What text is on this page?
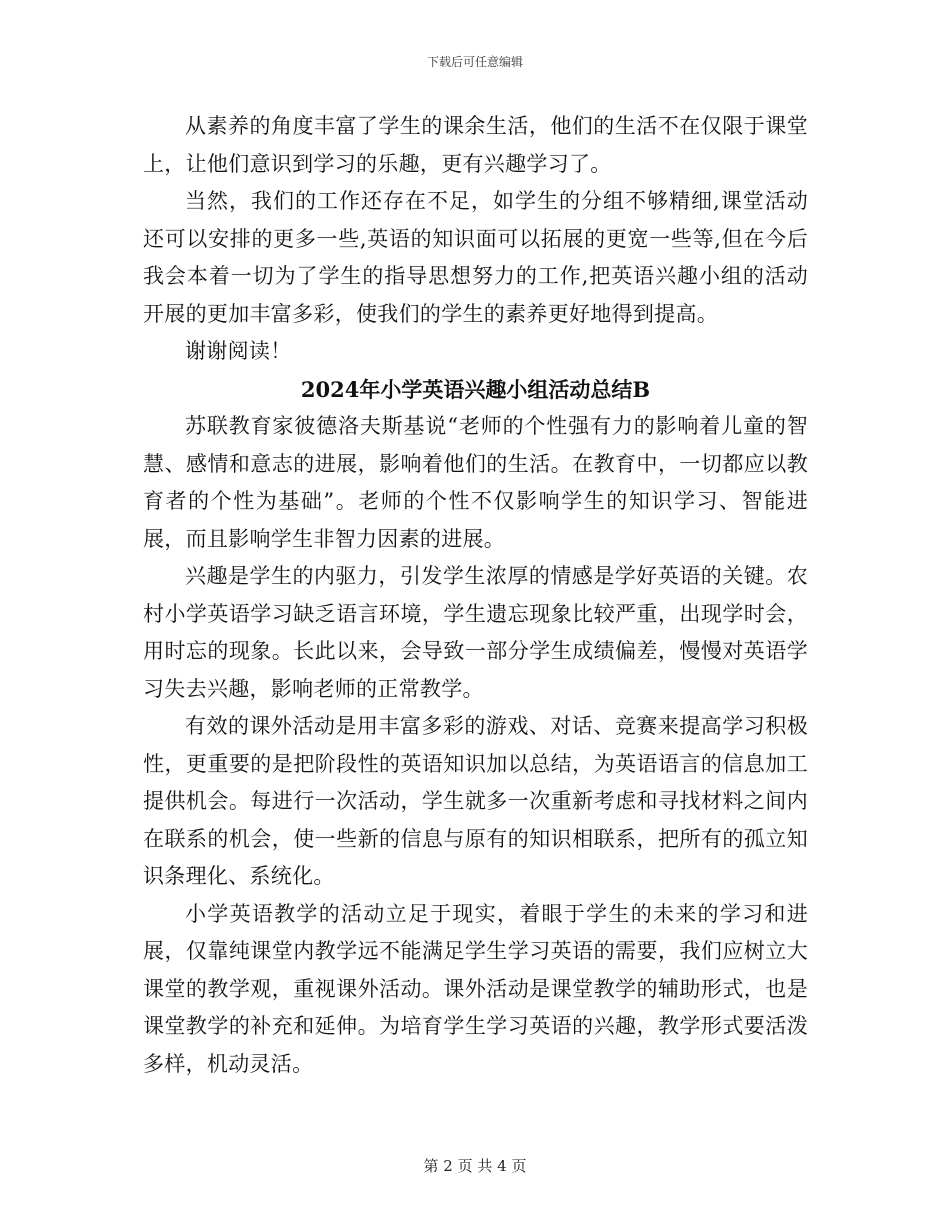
下载后可任意编辑

从素养的角度丰富了学生的课余生活，他们的生活不在仅限于课堂上，让他们意识到学习的乐趣，更有兴趣学习了。

当然，我们的工作还存在不足，如学生的分组不够精细,课堂活动还可以安排的更多一些,英语的知识面可以拓展的更宽一些等,但在今后我会本着一切为了学生的指导思想努力的工作,把英语兴趣小组的活动开展的更加丰富多彩，使我们的学生的素养更好地得到提高。

谢谢阅读！

2024年小学英语兴趣小组活动总结B

苏联教育家彼德洛夫斯基说“老师的个性强有力的影响着儿童的智慧、感情和意志的进展，影响着他们的生活。在教育中，一切都应以教育者的个性为基础”。老师的个性不仅影响学生的知识学习、智能进展，而且影响学生非智力因素的进展。

兴趣是学生的内驱力，引发学生浓厚的情感是学好英语的关键。农村小学英语学习缺乏语言环境，学生遗忘现象比较严重，出现学时会，用时忘的现象。长此以来，会导致一部分学生成绩偏差，慢慢对英语学习失去兴趣，影响老师的正常教学。

有效的课外活动是用丰富多彩的游戏、对话、竞赛来提高学习积极性，更重要的是把阶段性的英语知识加以总结，为英语语言的信息加工提供机会。每进行一次活动，学生就多一次重新考虑和寻找材料之间内在联系的机会，使一些新的信息与原有的知识相联系，把所有的孤立知识条理化、系统化。

小学英语教学的活动立足于现实，着眼于学生的未来的学习和进展，仅靠纯课堂内教学远不能满足学生学习英语的需要，我们应树立大课堂的教学观，重视课外活动。课外活动是课堂教学的辅助形式，也是课堂教学的补充和延伸。为培育学生学习英语的兴趣，教学形式要活泼多样，机动灵活。

第 2 页 共 4 页
